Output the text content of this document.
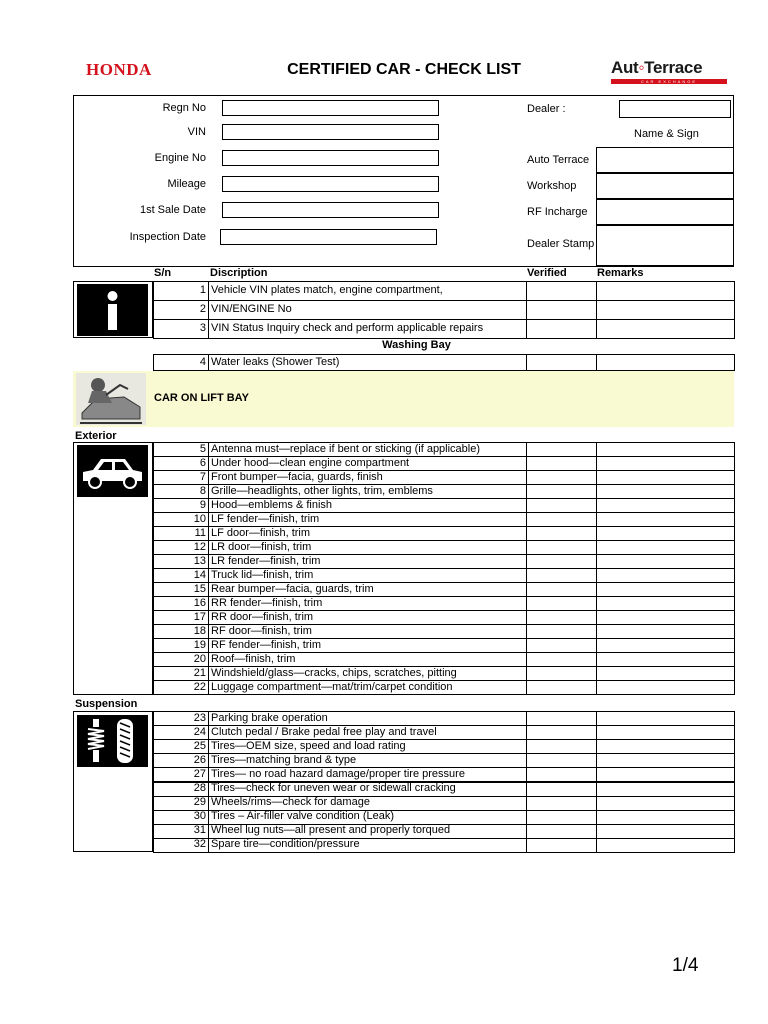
HONDA	CERTIFIED CAR - CHECK LIST	Aut◦Terrace
CAR EXCHANGE
Regn No
VIN
Engine No
Mileage
1st Sale Date
Inspection Date
Dealer :
Name & Sign
Auto Terrace
Workshop
RF Incharge
Dealer Stamp
S/n	Discription	Verified	Remarks
1 Vehicle VIN plates match, engine compartment,
2 VIN/ENGINE No
3 VIN Status Inquiry check and perform applicable repairs
Washing Bay
4 Water leaks (Shower Test)
CAR ON LIFT BAY
Exterior
5 Antenna must—replace if bent or sticking (if applicable)
6 Under hood—clean engine compartment
7 Front bumper—facia, guards, finish
8 Grille—headlights, other lights, trim, emblems
9 Hood—emblems & finish
10 LF fender—finish, trim
11 LF door—finish, trim
12 LR door—finish, trim
13 LR fender—finish, trim
14 Truck lid—finish, trim
15 Rear bumper—facia, guards, trim
16 RR fender—finish, trim
17 RR door—finish, trim
18 RF door—finish, trim
19 RF fender—finish, trim
20 Roof—finish, trim
21 Windshield/glass—cracks, chips, scratches, pitting
22 Luggage compartment—mat/trim/carpet condition
Suspension
23 Parking brake operation
24 Clutch pedal / Brake pedal free play and travel
25 Tires—OEM size, speed and load rating
26 Tires—matching brand & type
27 Tires— no road hazard damage/proper tire pressure
28 Tires—check for uneven wear or sidewall cracking
29 Wheels/rims—check for damage
30 Tires – Air-filler valve condition (Leak)
31 Wheel lug nuts—all present and properly torqued
32 Spare tire—condition/pressure
1/4
